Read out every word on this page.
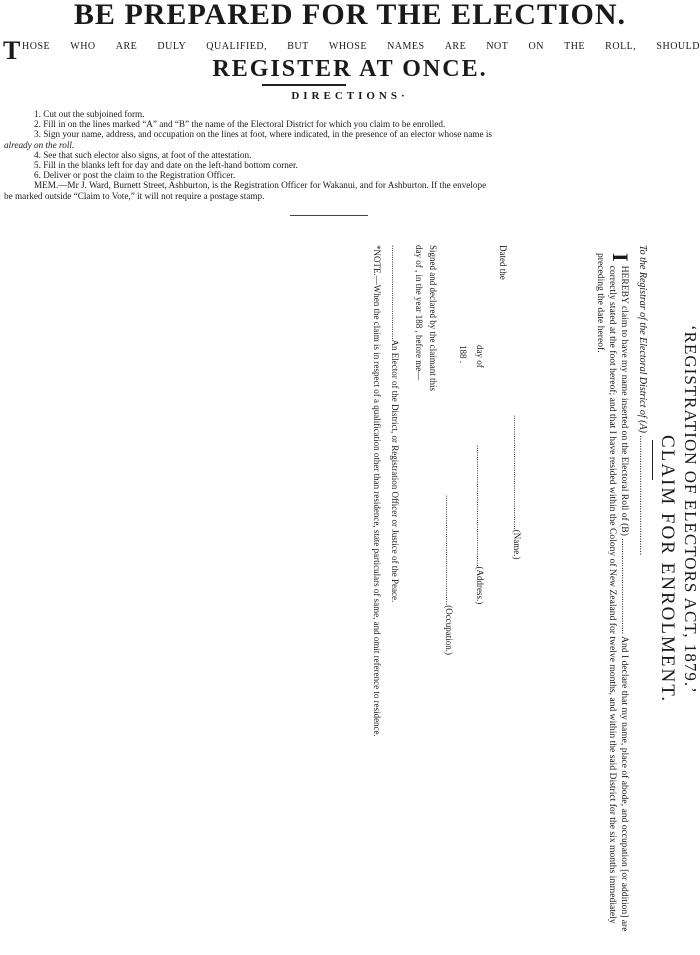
BE PREPARED FOR THE ELECTION.
T HOSE WHO ARE DULY QUALIFIED, BUT WHOSE NAMES ARE NOT ON THE ROLL, SHOULD
REGISTER AT ONCE.
DIRECTIONS·
1. Cut out the subjoined form.
2. Fill in on the lines marked “A” and “B” the name of the Electoral District for which you claim to be enrolled.
3. Sign your name, address, and occupation on the lines at foot, where indicated, in the presence of an elector whose name is
already on the roll.
4. See that such elector also signs, at foot of the attestation.
5. Fill in the blanks left for day and date on the left-hand bottom corner.
6. Deliver or post the claim to the Registration Officer.
MEM.—Mr J. Ward, Burnett Street, Ashburton, is the Registration Officer for Wakanui, and for Ashburton. If the envelope
be marked outside “Claim to Vote,” it will not require a postage stamp.
‘REGISTRATION OF ELECTORS ACT, 1879.’
CLAIM FOR ENROLMENT.
To the Registrar of the Electoral District of (A) ................................................
I
HEREBY claim to have my name inserted on the Electoral Roll of (B) ........................................ And I declare that my name, place of abode, and occupation [or addition] are correctly stated at the foot hereof; and that I have resided within the Colony of New Zealand for twelve months, and within the said District for the six months immediately preceding the date hereof.
Dated the
...................................................(Name.)
day of
188 .
......................................................(Address.)
Signed and declared by the claimant this
day of , in the year 188 , before me—
.................................................(Occupation.)
..........................................An Elector of the District, or Registration Officer or Justice of the Peace.
*NOTE.—When the claim is in respect of a qualification other than residence, state particulars of same, and omit reference to residence.
